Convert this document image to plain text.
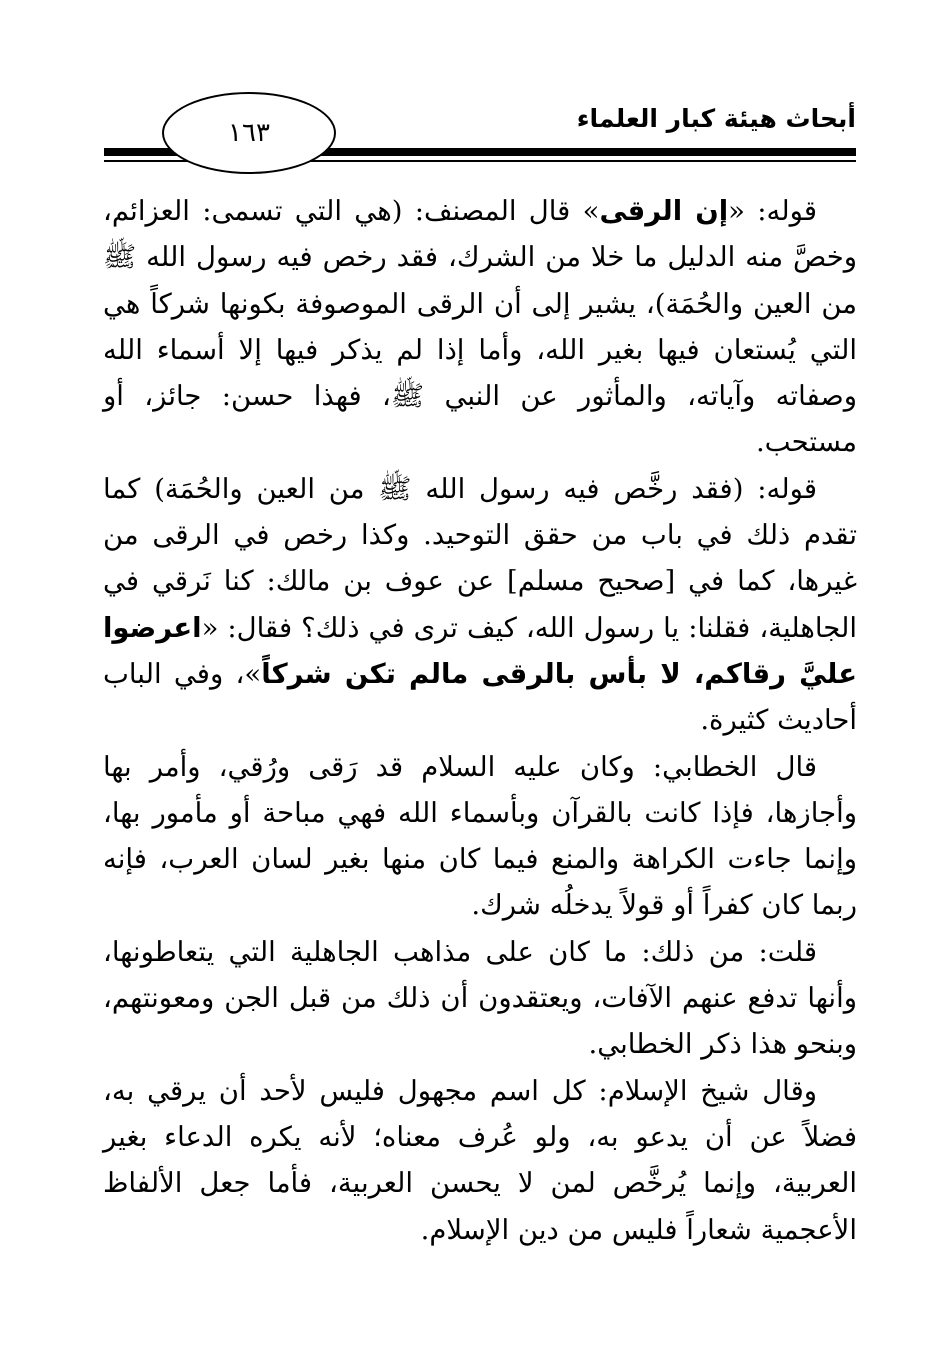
١٦٣	أبحاث هيئة كبار العلماء

قوله: «إن الرقى» قال المصنف: (هي التي تسمى: العزائم، وخصَّ منه الدليل ما خلا من الشرك، فقد رخص فيه رسول الله ﷺ من العين والحُمَة)، يشير إلى أن الرقى الموصوفة بكونها شركاً هي التي يُستعان فيها بغير الله، وأما إذا لم يذكر فيها إلا أسماء الله وصفاته وآياته، والمأثور عن النبي ﷺ، فهذا حسن: جائز، أو مستحب.

قوله: (فقد رخَّص فيه رسول الله ﷺ من العين والحُمَة) كما تقدم ذلك في باب من حقق التوحيد. وكذا رخص في الرقى من غيرها، كما في [صحيح مسلم] عن عوف بن مالك: كنا نَرقي في الجاهلية، فقلنا: يا رسول الله، كيف ترى في ذلك؟ فقال: «اعرضوا عليَّ رقاكم، لا بأس بالرقى مالم تكن شركاً»، وفي الباب أحاديث كثيرة.

قال الخطابي: وكان عليه السلام قد رَقى ورُقي، وأمر بها وأجازها، فإذا كانت بالقرآن وبأسماء الله فهي مباحة أو مأمور بها، وإنما جاءت الكراهة والمنع فيما كان منها بغير لسان العرب، فإنه ربما كان كفراً أو قولاً يدخلُه شرك.

قلت: من ذلك: ما كان على مذاهب الجاهلية التي يتعاطونها، وأنها تدفع عنهم الآفات، ويعتقدون أن ذلك من قبل الجن ومعونتهم، وبنحو هذا ذكر الخطابي.

وقال شيخ الإسلام: كل اسم مجهول فليس لأحد أن يرقي به، فضلاً عن أن يدعو به، ولو عُرف معناه؛ لأنه يكره الدعاء بغير العربية، وإنما يُرخَّص لمن لا يحسن العربية، فأما جعل الألفاظ الأعجمية شعاراً فليس من دين الإسلام.
